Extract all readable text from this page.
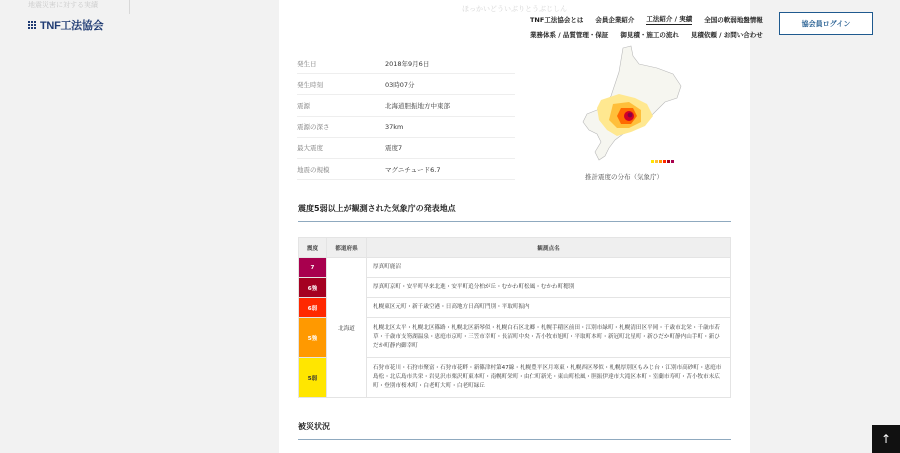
地震災害に対する実績
TNF工法協会
ほっかいどういぶりとうぶじしん
TNF工法協会とは 会員企業紹介 工法紹介 / 実績 全国の軟弱地盤情報
業務体系 / 品質管理・保証 御見積・施工の流れ 見積依頼 / お問い合わせ
協会員ログイン
発生日	2018年9月6日
発生時刻	03時07分
震源	北海道胆振地方中東部
震源の深さ	37km
最大震度	震度7
地震の規模	マグニチュード6.7
推計震度の分布（気象庁）
震度5弱以上が観測された気象庁の発表地点
震度	都道府県	観測点名
7	北海道	厚真町鹿沼
6強		厚真町京町・安平町早来北進・安平町追分柏が丘・むかわ町松風・むかわ町穂別
6弱		札幌東区元町・新千歳空港・日高地方日高町門別・平取町振内
5強		札幌北区太平・札幌北区篠路・札幌北区新琴似・札幌白石区北郷・札幌手稲区前田・江別市緑町・札幌清田区平岡・千歳市北栄・千歳市若草・千歳市支笏湖温泉・恵庭市京町・三笠市幸町・長沼町中央・苫小牧市旭町・平取町本町・新冠町北星町・新ひだか町静内山手町・新ひだか町静内御幸町
5弱		石狩市花川・石狩市聚富・石狩市花畔・新篠津村第47線・札幌豊平区月寒東・札幌西区琴似・札幌厚別区もみじ台・江別市高砂町・恵庭市島松・北広島市共栄・岩見沢市栗沢町東本町・南幌町栄町・由仁町新光・東山町松風・胆振伊達市大滝区本町・室蘭市寿町・苫小牧市末広町・登別市桜木町・白老町大町・白老町緑丘
被災状況
↑
